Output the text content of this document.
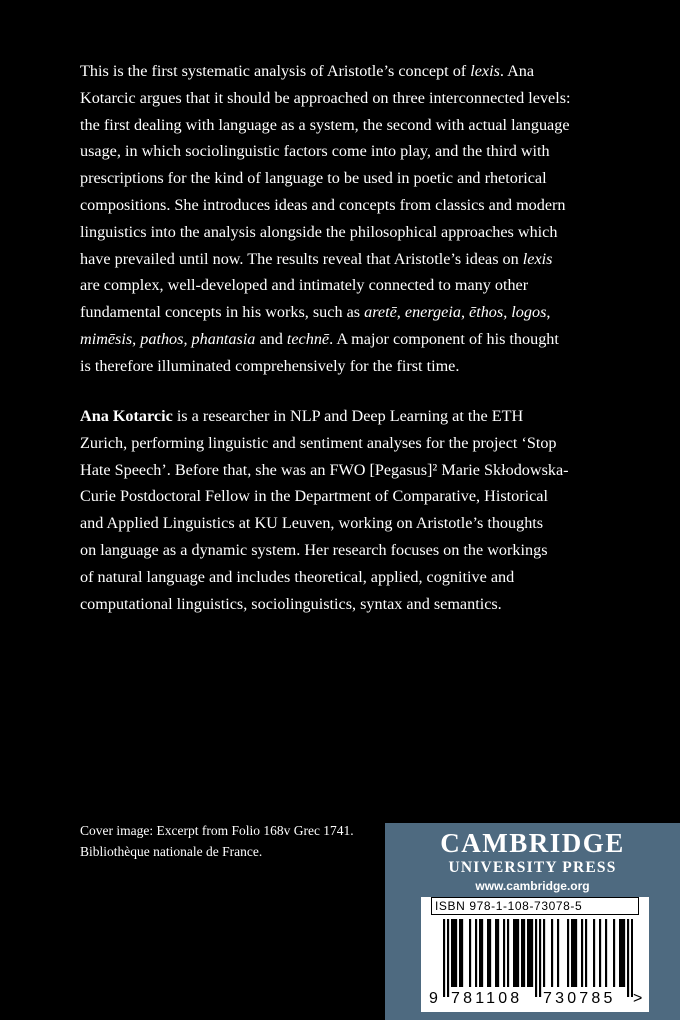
This is the first systematic analysis of Aristotle’s concept of lexis. Ana
Kotarcic argues that it should be approached on three interconnected levels:
the first dealing with language as a system, the second with actual language
usage, in which sociolinguistic factors come into play, and the third with
prescriptions for the kind of language to be used in poetic and rhetorical
compositions. She introduces ideas and concepts from classics and modern
linguistics into the analysis alongside the philosophical approaches which
have prevailed until now. The results reveal that Aristotle’s ideas on lexis
are complex, well-developed and intimately connected to many other
fundamental concepts in his works, such as aretē, energeia, ēthos, logos,
mimēsis, pathos, phantasia and technē. A major component of his thought
is therefore illuminated comprehensively for the first time.

Ana Kotarcic is a researcher in NLP and Deep Learning at the ETH
Zurich, performing linguistic and sentiment analyses for the project ‘Stop
Hate Speech’. Before that, she was an FWO [Pegasus]² Marie Skłodowska-
Curie Postdoctoral Fellow in the Department of Comparative, Historical
and Applied Linguistics at KU Leuven, working on Aristotle’s thoughts
on language as a dynamic system. Her research focuses on the workings
of natural language and includes theoretical, applied, cognitive and
computational linguistics, sociolinguistics, syntax and semantics.

Cover image: Excerpt from Folio 168v Grec 1741.
Bibliothèque nationale de France.	CAMBRIDGE
UNIVERSITY PRESS
www.cambridge.org
ISBN 978-1-108-73078-5
9 781108 730785 >
